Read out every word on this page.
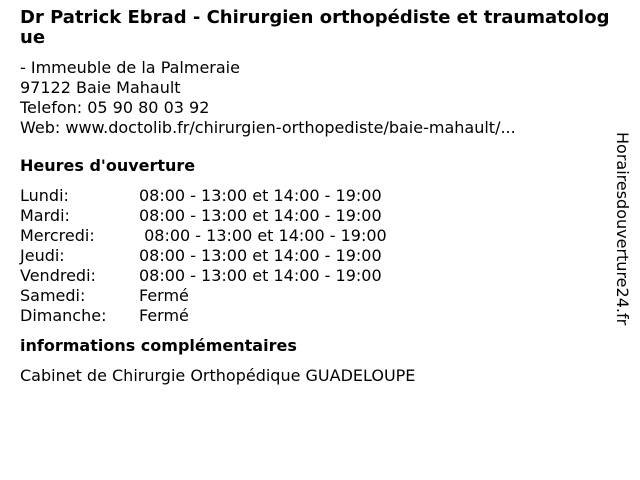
Dr Patrick Ebrad - Chirurgien orthopédiste et traumatologue
- Immeuble de la Palmeraie
97122 Baie Mahault
Telefon: 05 90 80 03 92
Web: www.doctolib.fr/chirurgien-orthopediste/baie-mahault/...
Heures d'ouverture
Lundi:	08:00 - 13:00 et 14:00 - 19:00
Mardi:	08:00 - 13:00 et 14:00 - 19:00
Mercredi:	08:00 - 13:00 et 14:00 - 19:00
Jeudi:	08:00 - 13:00 et 14:00 - 19:00
Vendredi:	08:00 - 13:00 et 14:00 - 19:00
Samedi:	Fermé
Dimanche:	Fermé
informations complémentaires
Cabinet de Chirurgie Orthopédique GUADELOUPE
Horairesdouverture24.fr
